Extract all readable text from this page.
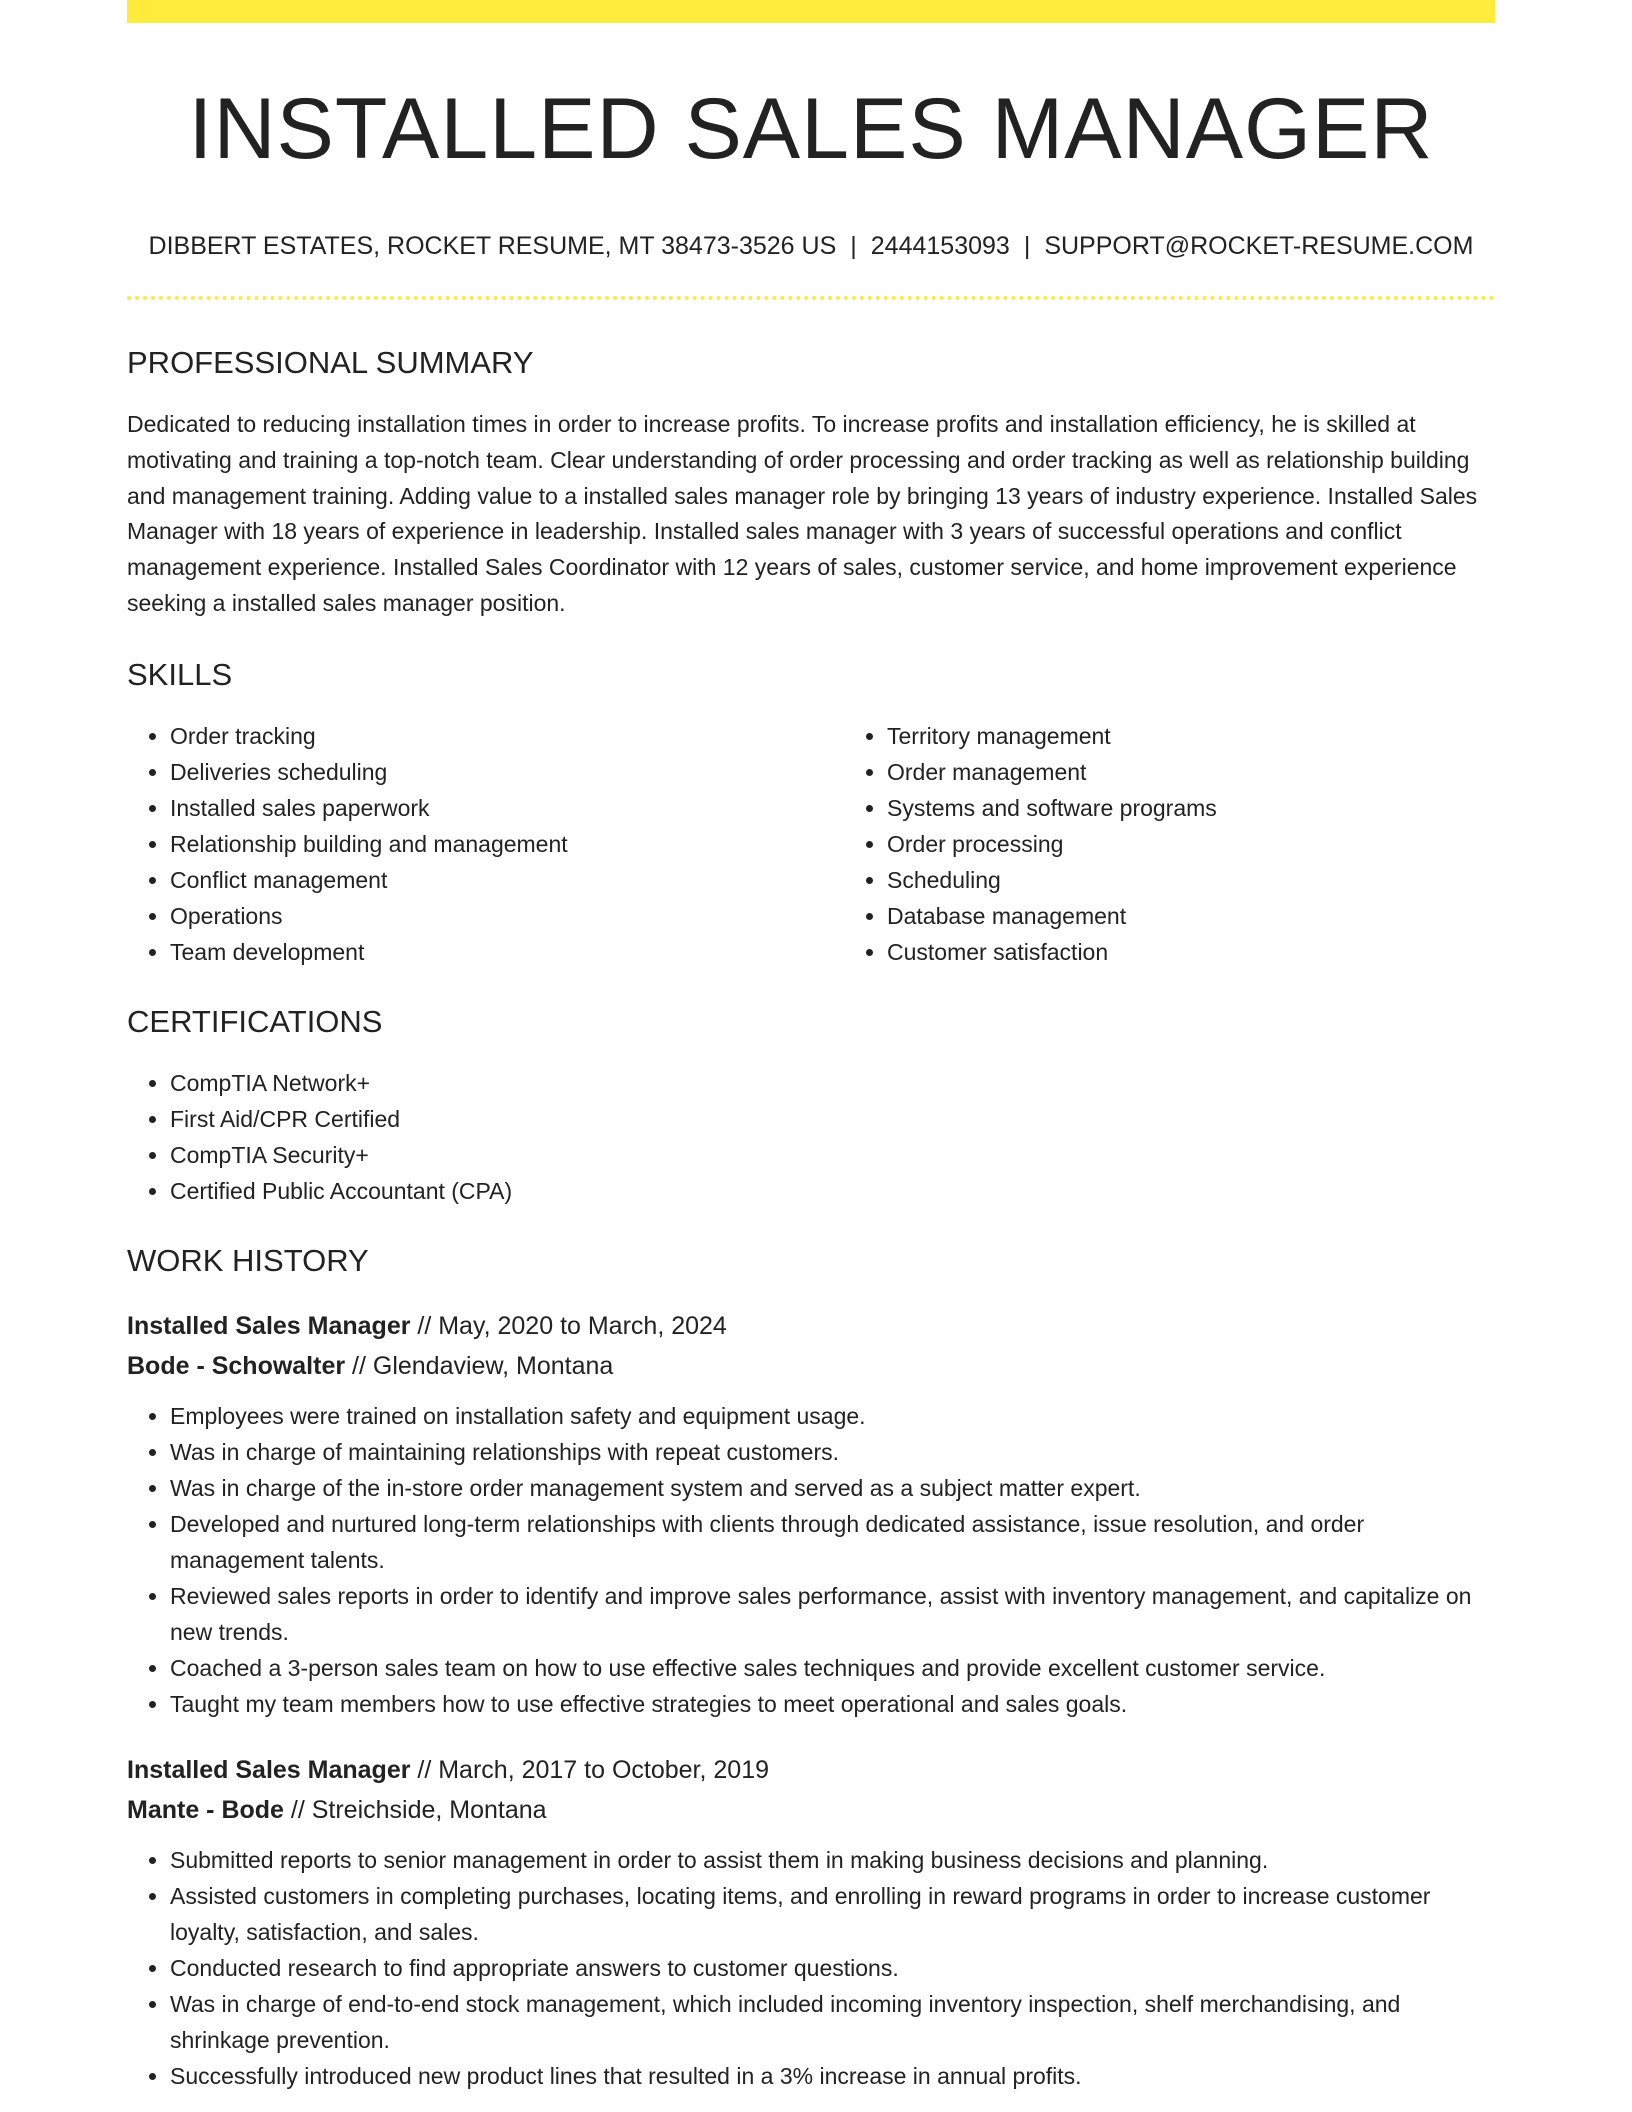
INSTALLED SALES MANAGER
DIBBERT ESTATES, ROCKET RESUME, MT 38473-3526 US | 2444153093 | SUPPORT@ROCKET-RESUME.COM
PROFESSIONAL SUMMARY

Dedicated to reducing installation times in order to increase profits. To increase profits and installation efficiency, he is skilled at motivating and training a top-notch team. Clear understanding of order processing and order tracking as well as relationship building and management training. Adding value to a installed sales manager role by bringing 13 years of industry experience. Installed Sales Manager with 18 years of experience in leadership. Installed sales manager with 3 years of successful operations and conflict management experience. Installed Sales Coordinator with 12 years of sales, customer service, and home improvement experience seeking a installed sales manager position.

SKILLS
• Order tracking
• Deliveries scheduling
• Installed sales paperwork
• Relationship building and management
• Conflict management
• Operations
• Team development
• Territory management
• Order management
• Systems and software programs
• Order processing
• Scheduling
• Database management
• Customer satisfaction
CERTIFICATIONS
• CompTIA Network+
• First Aid/CPR Certified
• CompTIA Security+
• Certified Public Accountant (CPA)
WORK HISTORY
Installed Sales Manager // May, 2020 to March, 2024
Bode - Schowalter // Glendaview, Montana
• Employees were trained on installation safety and equipment usage.
• Was in charge of maintaining relationships with repeat customers.
• Was in charge of the in-store order management system and served as a subject matter expert.
• Developed and nurtured long-term relationships with clients through dedicated assistance, issue resolution, and order management talents.
• Reviewed sales reports in order to identify and improve sales performance, assist with inventory management, and capitalize on new trends.
• Coached a 3-person sales team on how to use effective sales techniques and provide excellent customer service.
• Taught my team members how to use effective strategies to meet operational and sales goals.
Installed Sales Manager // March, 2017 to October, 2019
Mante - Bode // Streichside, Montana
• Submitted reports to senior management in order to assist them in making business decisions and planning.
• Assisted customers in completing purchases, locating items, and enrolling in reward programs in order to increase customer loyalty, satisfaction, and sales.
• Conducted research to find appropriate answers to customer questions.
• Was in charge of end-to-end stock management, which included incoming inventory inspection, shelf merchandising, and shrinkage prevention.
• Successfully introduced new product lines that resulted in a 3% increase in annual profits.
